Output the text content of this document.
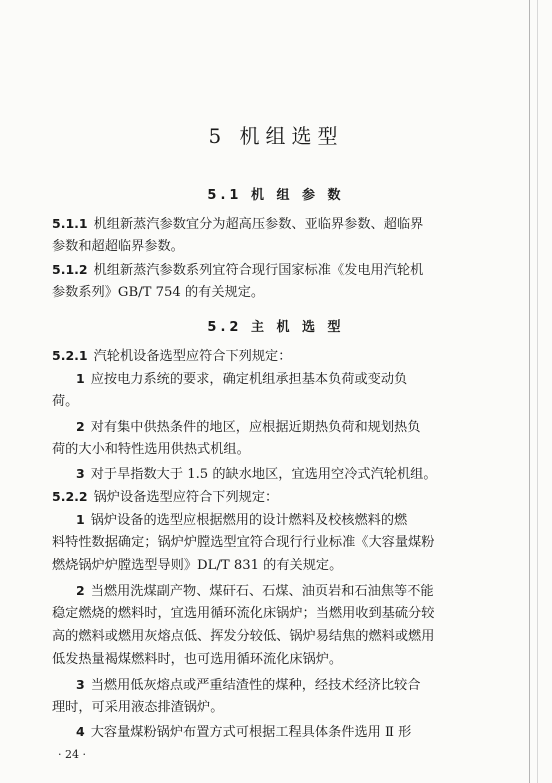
5 机组选型
5.1 机 组 参 数
5.1.1 机组新蒸汽参数宜分为超高压参数、亚临界参数、超临界
参数和超超临界参数。
5.1.2 机组新蒸汽参数系列宜符合现行国家标准《发电用汽轮机
参数系列》GB/T 754 的有关规定。
5.2 主 机 选 型
5.2.1 汽轮机设备选型应符合下列规定：
1 应按电力系统的要求，确定机组承担基本负荷或变动负
荷。
2 对有集中供热条件的地区，应根据近期热负荷和规划热负
荷的大小和特性选用供热式机组。
3 对于旱指数大于 1.5 的缺水地区，宜选用空冷式汽轮机组。
5.2.2 锅炉设备选型应符合下列规定：
1 锅炉设备的选型应根据燃用的设计燃料及校核燃料的燃
料特性数据确定；锅炉炉膛选型宜符合现行行业标准《大容量煤粉
燃烧锅炉炉膛选型导则》DL/T 831 的有关规定。
2 当燃用洗煤副产物、煤矸石、石煤、油页岩和石油焦等不能
稳定燃烧的燃料时，宜选用循环流化床锅炉；当燃用收到基硫分较
高的燃料或燃用灰熔点低、挥发分较低、锅炉易结焦的燃料或燃用
低发热量褐煤燃料时，也可选用循环流化床锅炉。
3 当燃用低灰熔点或严重结渣性的煤种，经技术经济比较合
理时，可采用液态排渣锅炉。
4 大容量煤粉锅炉布置方式可根据工程具体条件选用 Ⅱ 形
· 24 ·
